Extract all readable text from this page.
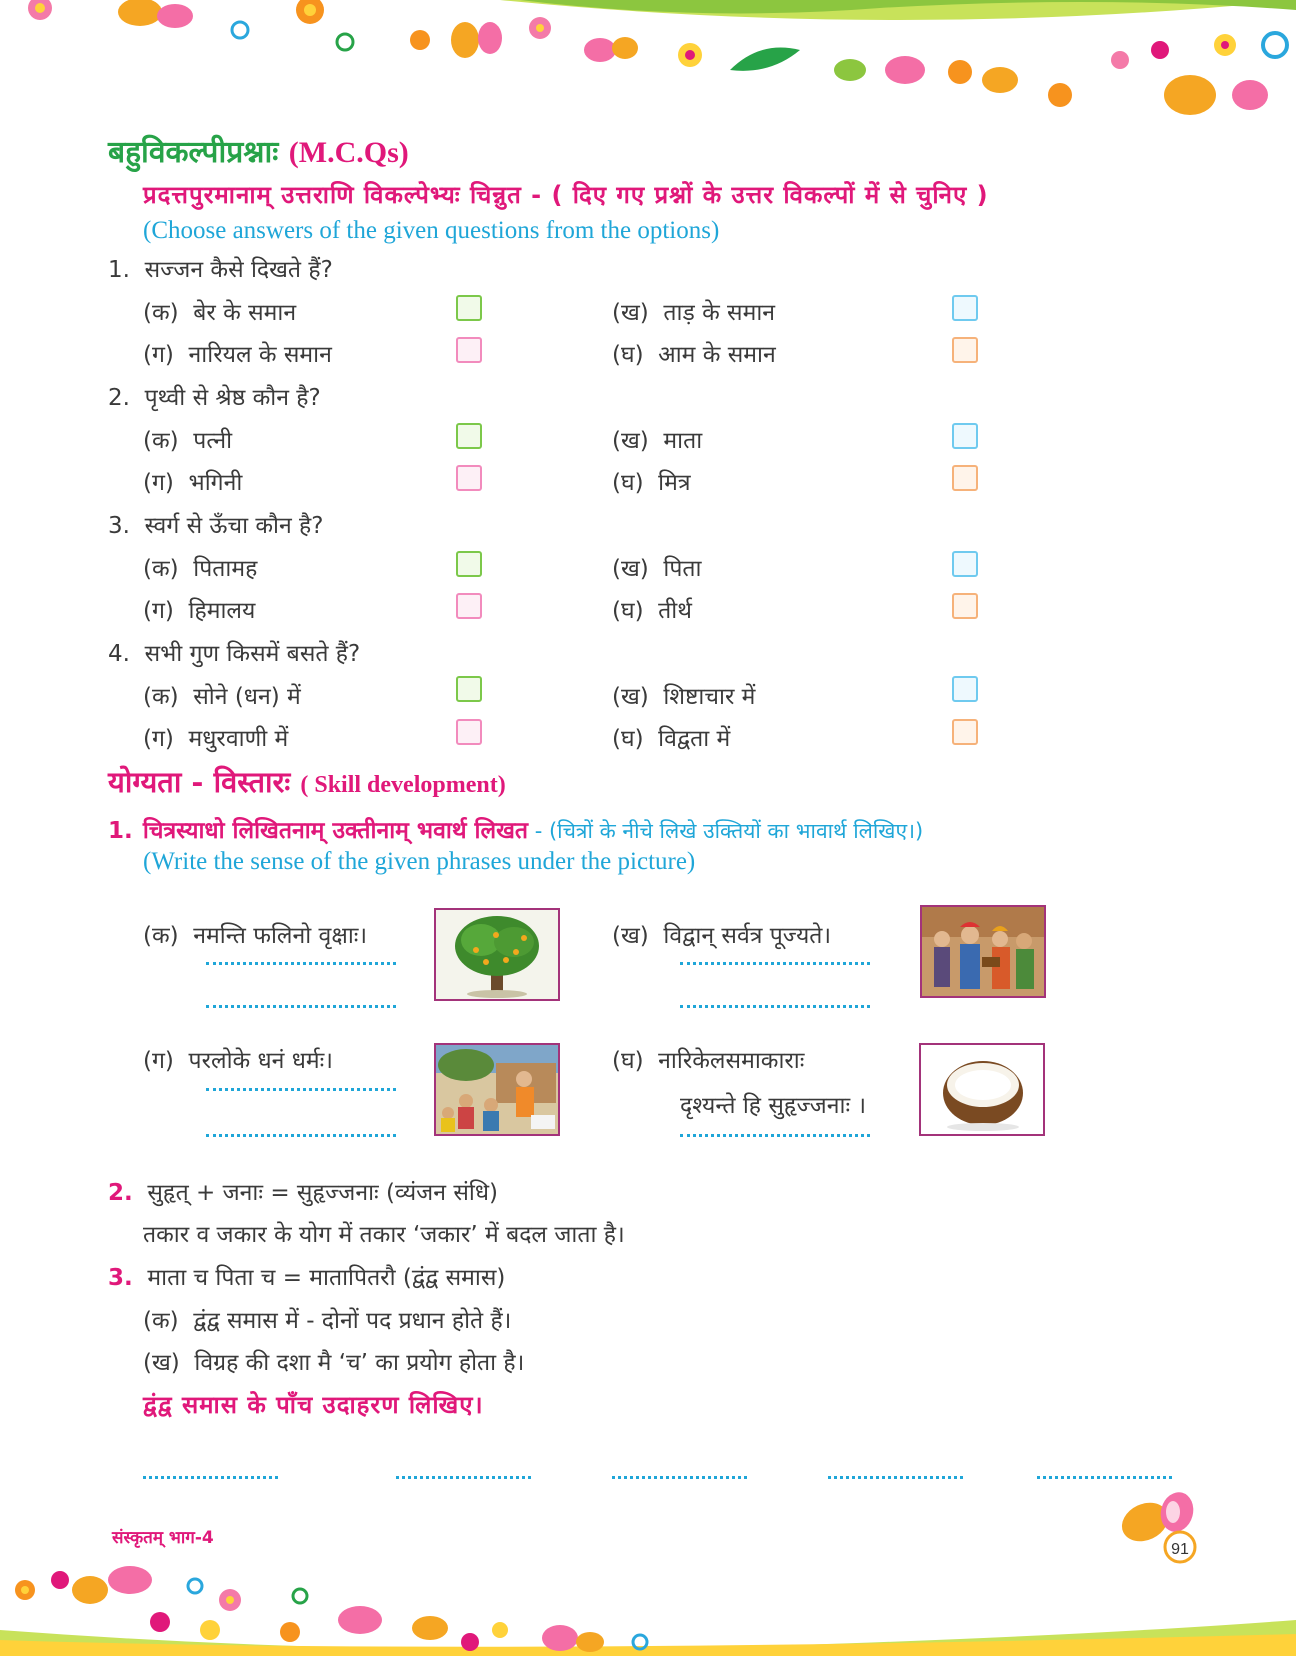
बहुविकल्पीप्रश्नाः (M.C.Qs)
प्रदत्तपुरमानाम् उत्तराणि विकल्पेभ्यः चिन्नुत - ( दिए गए प्रश्नों के उत्तर विकल्पों में से चुनिए )
(Choose answers of the given questions from the options)
1. सज्जन कैसे दिखते हैं?
(क) बेर के समान	(ख) ताड़ के समान
(ग) नारियल के समान	(घ) आम के समान
2. पृथ्वी से श्रेष्ठ कौन है?
(क) पत्नी	(ख) माता
(ग) भगिनी	(घ) मित्र
3. स्वर्ग से ऊँचा कौन है?
(क) पितामह	(ख) पिता
(ग) हिमालय	(घ) तीर्थ
4. सभी गुण किसमें बसते हैं?
(क) सोने (धन) में	(ख) शिष्टाचार में
(ग) मधुरवाणी में	(घ) विद्वता में
योग्यता - विस्तारः ( Skill development)
1. चित्रस्याधो लिखितनाम् उक्तीनाम् भवार्थ लिखत - (चित्रों के नीचे लिखे उक्तियों का भावार्थ लिखिए।)
(Write the sense of the given phrases under the picture)
(क) नमन्ति फलिनो वृक्षाः।	(ख) विद्वान् सर्वत्र पूज्यते।
(ग) परलोके धनं धर्मः।	(घ) नारिकेलसमाकाराः
दृश्यन्ते हि सुहृज्जनाः ।
2. सुहृत् + जनाः = सुहृज्जनाः (व्यंजन संधि)
तकार व जकार के योग में तकार ‘जकार’ में बदल जाता है।
3. माता च पिता च = मातापितरौ (द्वंद्व समास)
(क) द्वंद्व समास में - दोनों पद प्रधान होते हैं।
(ख) विग्रह की दशा मै ‘च’ का प्रयोग होता है।
द्वंद्व समास के पाँच उदाहरण लिखिए।
संस्कृतम् भाग-4
91
